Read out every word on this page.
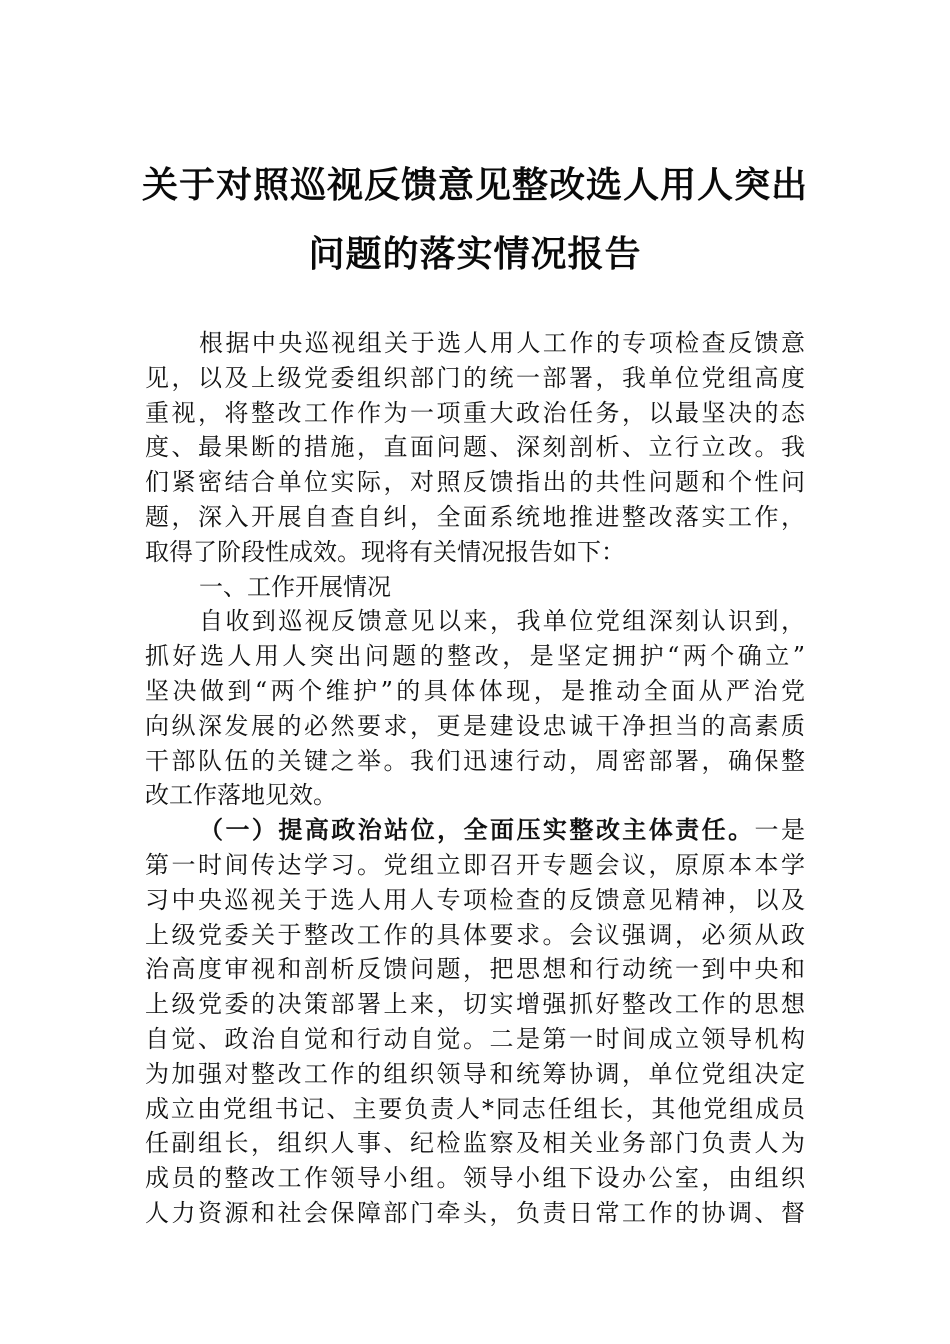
关于对照巡视反馈意见整改选人用人突出
问题的落实情况报告
根据中央巡视组关于选人用人工作的专项检查反馈意
见，以及上级党委组织部门的统一部署，我单位党组高度
重视，将整改工作作为一项重大政治任务，以最坚决的态
度、最果断的措施，直面问题、深刻剖析、立行立改。我
们紧密结合单位实际，对照反馈指出的共性问题和个性问
题，深入开展自查自纠，全面系统地推进整改落实工作，
取得了阶段性成效。现将有关情况报告如下：
一、工作开展情况
自收到巡视反馈意见以来，我单位党组深刻认识到，
抓好选人用人突出问题的整改，是坚定拥护“两个确立”
坚决做到“两个维护”的具体体现，是推动全面从严治党
向纵深发展的必然要求，更是建设忠诚干净担当的高素质
干部队伍的关键之举。我们迅速行动，周密部署，确保整
改工作落地见效。
（一）提高政治站位，全面压实整改主体责任。一是
第一时间传达学习。党组立即召开专题会议，原原本本学
习中央巡视关于选人用人专项检查的反馈意见精神，以及
上级党委关于整改工作的具体要求。会议强调，必须从政
治高度审视和剖析反馈问题，把思想和行动统一到中央和
上级党委的决策部署上来，切实增强抓好整改工作的思想
自觉、政治自觉和行动自觉。二是第一时间成立领导机构
为加强对整改工作的组织领导和统筹协调，单位党组决定
成立由党组书记、主要负责人*同志任组长，其他党组成员
任副组长，组织人事、纪检监察及相关业务部门负责人为
成员的整改工作领导小组。领导小组下设办公室，由组织
人力资源和社会保障部门牵头，负责日常工作的协调、督
